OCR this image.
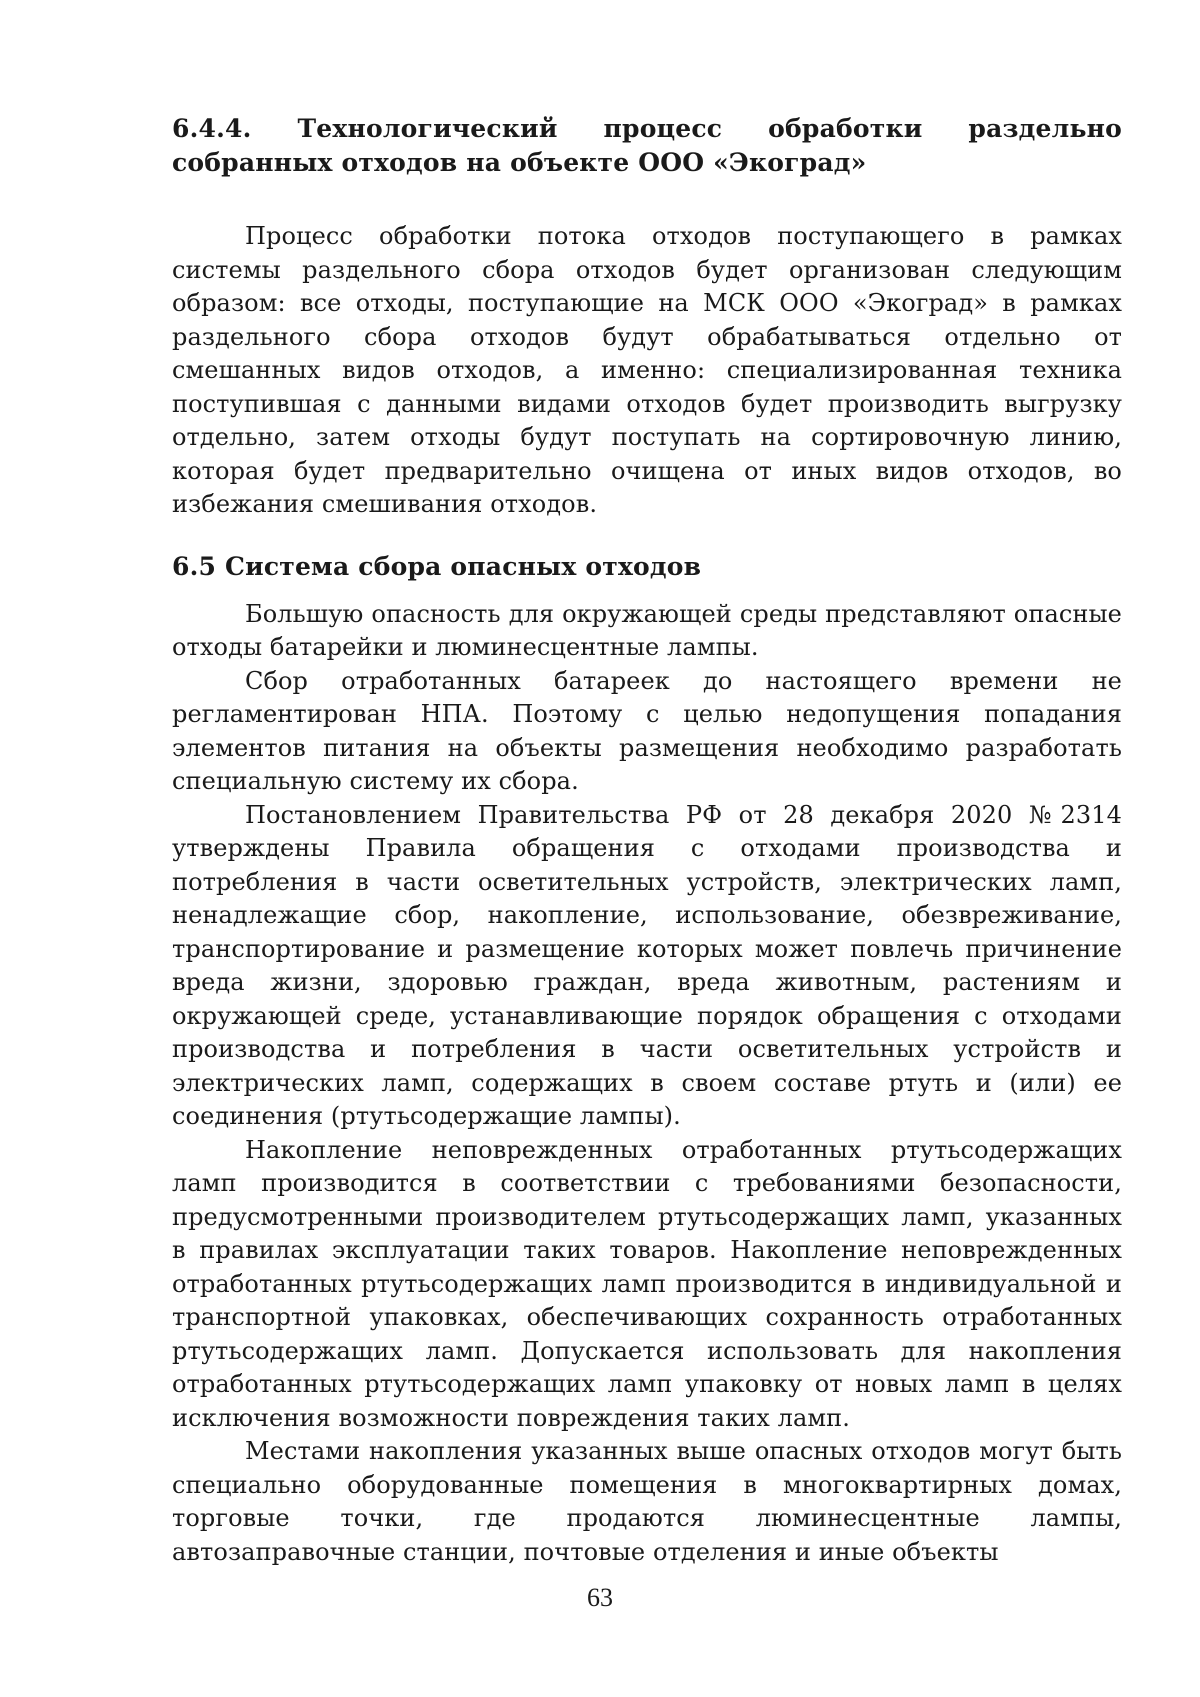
6.4.4. Технологический процесс обработки раздельно собранных отходов на объекте ООО «Экоград»

Процесс обработки потока отходов поступающего в рамках системы раздельного сбора отходов будет организован следующим образом: все отходы, поступающие на МСК ООО «Экоград» в рамках раздельного сбора отходов будут обрабатываться отдельно от смешанных видов отходов, а именно: специализированная техника поступившая с данными видами отходов будет производить выгрузку отдельно, затем отходы будут поступать на сортировочную линию, которая будет предварительно очищена от иных видов отходов, во избежания смешивания отходов.

6.5 Система сбора опасных отходов

Большую опасность для окружающей среды представляют опасные отходы батарейки и люминесцентные лампы.

Сбор отработанных батареек до настоящего времени не регламентирован НПА. Поэтому с целью недопущения попадания элементов питания на объекты размещения необходимо разработать специальную систему их сбора.

Постановлением Правительства РФ от 28 декабря 2020 №2314 утверждены Правила обращения с отходами производства и потребления в части осветительных устройств, электрических ламп, ненадлежащие сбор, накопление, использование, обезвреживание, транспортирование и размещение которых может повлечь причинение вреда жизни, здоровью граждан, вреда животным, растениям и окружающей среде, устанавливающие порядок обращения с отходами производства и потребления в части осветительных устройств и электрических ламп, содержащих в своем составе ртуть и (или) ее соединения (ртутьсодержащие лампы).

Накопление неповрежденных отработанных ртутьсодержащих ламп производится в соответствии с требованиями безопасности, предусмотренными производителем ртутьсодержащих ламп, указанных в правилах эксплуатации таких товаров. Накопление неповрежденных отработанных ртутьсодержащих ламп производится в индивидуальной и транспортной упаковках, обеспечивающих сохранность отработанных ртутьсодержащих ламп. Допускается использовать для накопления отработанных ртутьсодержащих ламп упаковку от новых ламп в целях исключения возможности повреждения таких ламп.

Местами накопления указанных выше опасных отходов могут быть специально оборудованные помещения в многоквартирных домах, торговые точки, где продаются люминесцентные лампы, автозаправочные станции, почтовые отделения и иные объекты

63
